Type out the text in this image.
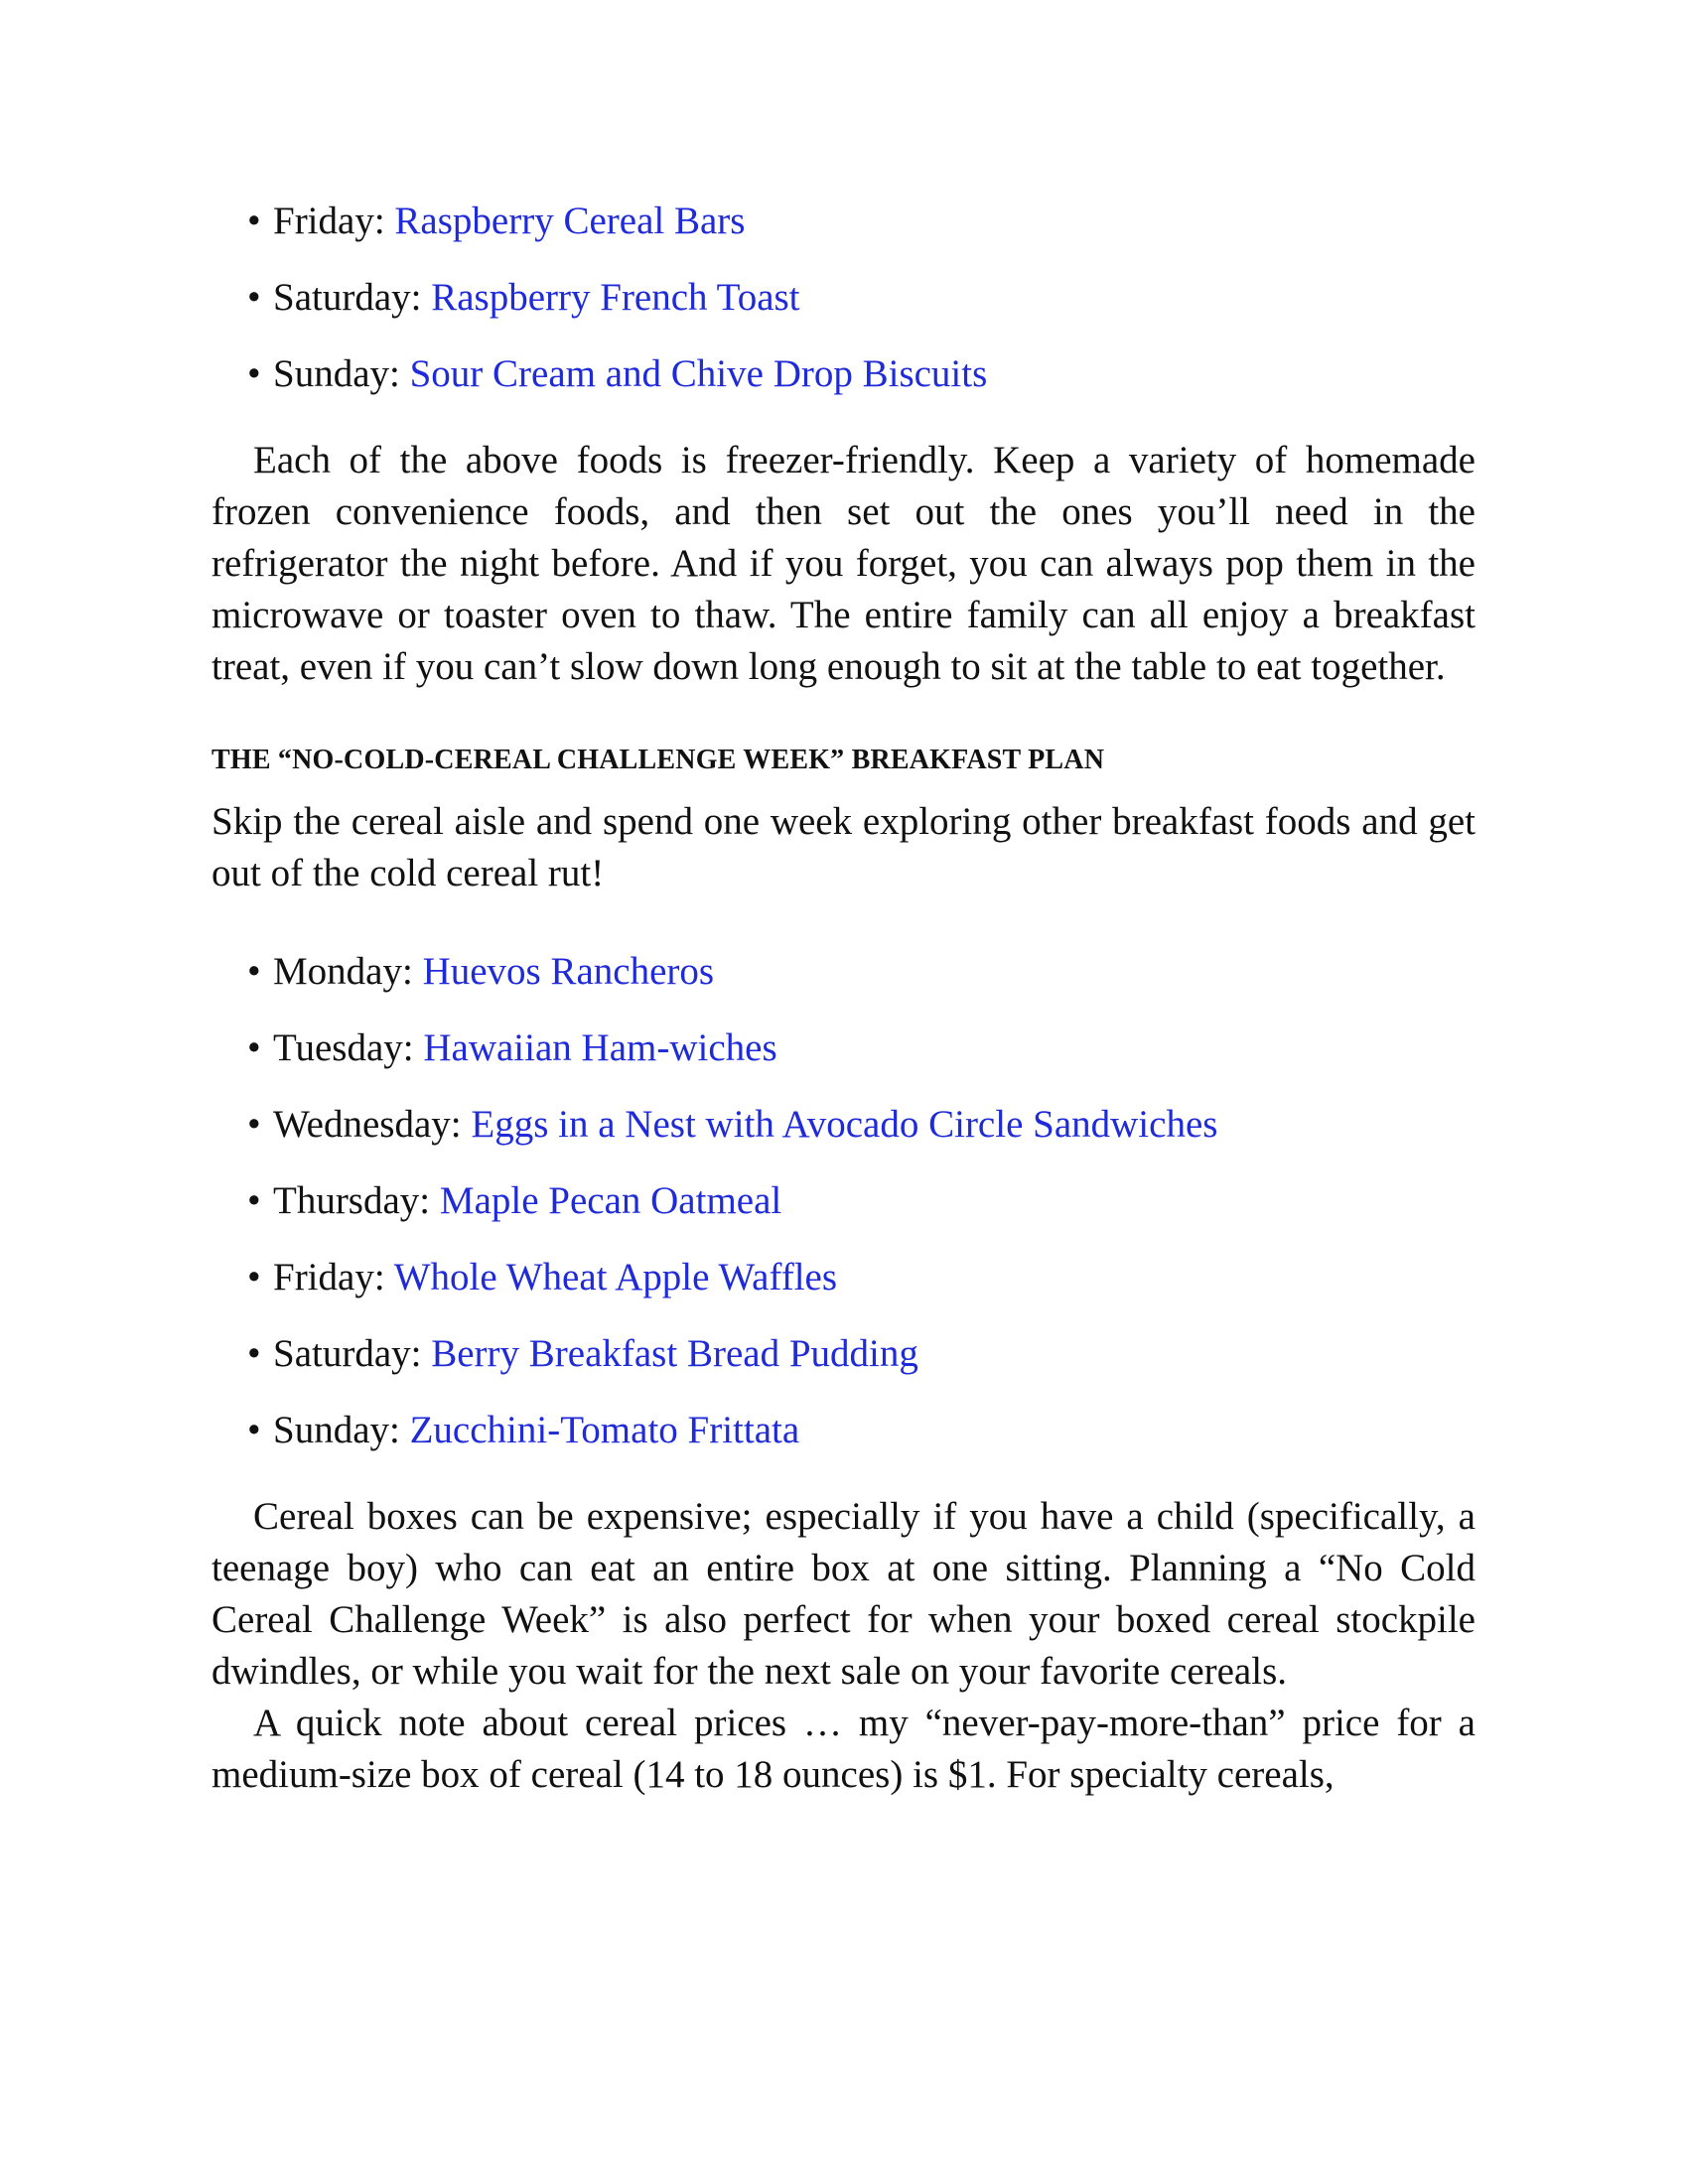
• Friday: Raspberry Cereal Bars
• Saturday: Raspberry French Toast
• Sunday: Sour Cream and Chive Drop Biscuits

Each of the above foods is freezer-friendly. Keep a variety of homemade frozen convenience foods, and then set out the ones you’ll need in the refrigerator the night before. And if you forget, you can always pop them in the microwave or toaster oven to thaw. The entire family can all enjoy a breakfast treat, even if you can’t slow down long enough to sit at the table to eat together.

THE “NO-COLD-CEREAL CHALLENGE WEEK” BREAKFAST PLAN

Skip the cereal aisle and spend one week exploring other breakfast foods and get out of the cold cereal rut!

• Monday: Huevos Rancheros
• Tuesday: Hawaiian Ham-wiches
• Wednesday: Eggs in a Nest with Avocado Circle Sandwiches
• Thursday: Maple Pecan Oatmeal
• Friday: Whole Wheat Apple Waffles
• Saturday: Berry Breakfast Bread Pudding
• Sunday: Zucchini-Tomato Frittata

Cereal boxes can be expensive; especially if you have a child (specifically, a teenage boy) who can eat an entire box at one sitting. Planning a “No Cold Cereal Challenge Week” is also perfect for when your boxed cereal stockpile dwindles, or while you wait for the next sale on your favorite cereals.

A quick note about cereal prices … my “never-pay-more-than” price for a medium-size box of cereal (14 to 18 ounces) is $1. For specialty cereals,
